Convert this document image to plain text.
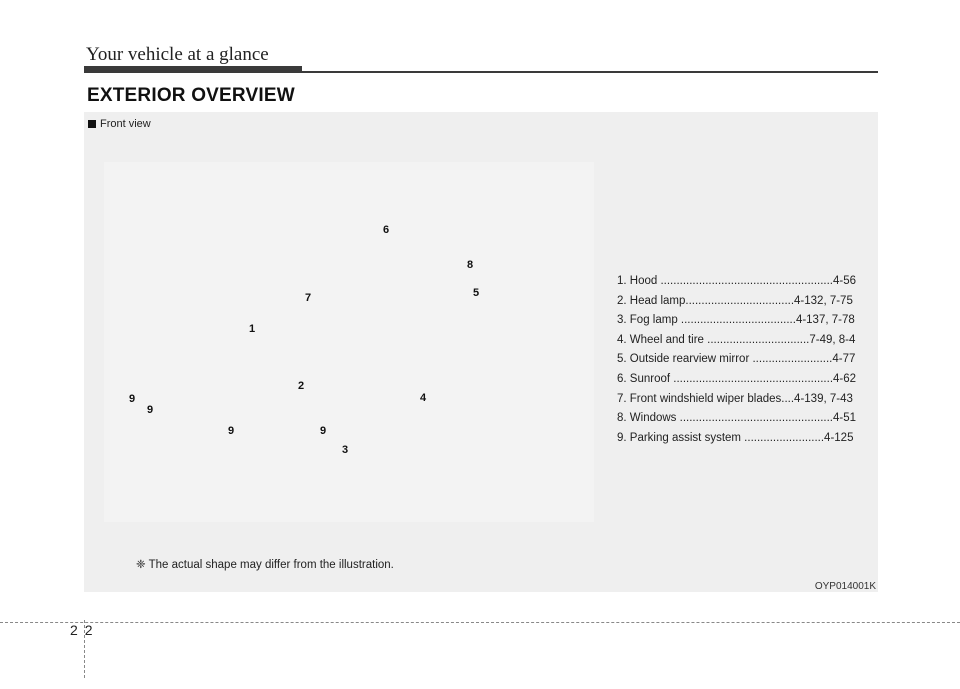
Your vehicle at a glance
EXTERIOR OVERVIEW
Front view
6
8
7	5
1
2
9
9
4
9	9
3
1. Hood ......................................................4-56
2. Head lamp..................................4-132, 7-75
3. Fog lamp ....................................4-137, 7-78
4. Wheel and tire ................................7-49, 8-4
5. Outside rearview mirror .........................4-77
6. Sunroof ..................................................4-62
7. Front windshield wiper blades....4-139, 7-43
8. Windows ................................................4-51
9. Parking assist system .........................4-125
❈ The actual shape may differ from the illustration.
OYP014001K
22
